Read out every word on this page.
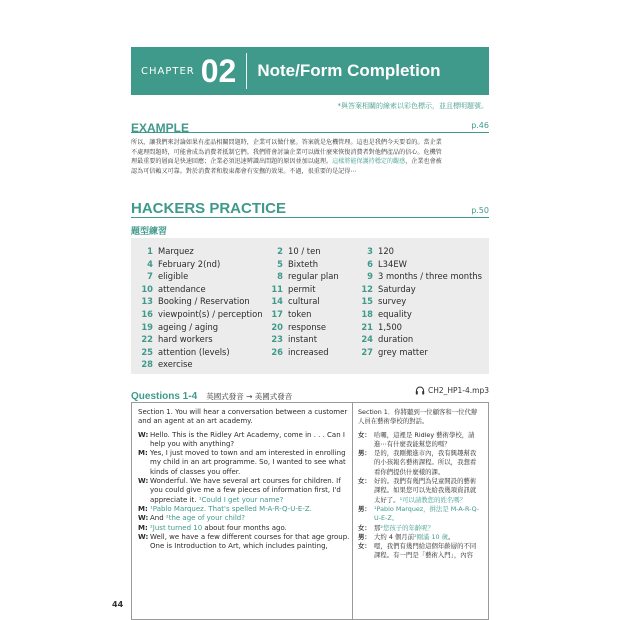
CHAPTER 02 Note/Form Completion
*與答案相關的線索以彩色標示，並且標明題號。
EXAMPLE	p.46
所以，讓我們來討論如果有產品相關問題時，企業可以做什麼。答案就是危機管理。這也是我們今天要看的。當企業
不處理問題時，可能會成為消費者抵制它們。我們將會討論企業可以做什麼來恢復消費者對他們產品的信心。危機管
理最重要的層面是快速回應；企業必須迅速辨識出問題的原因並加以處理。這樣將能保護持穩定的觀感，企業也會被
認為可信賴又可靠。對於消費者和股東都會有安撫的效果。不過，很重要的是記得⋯
HACKERS PRACTICE	p.50
題型練習
1 Marquez	2 10 / ten	3 120
4 February 2(nd)	5 Bixteth	6 L34EW
7 eligible	8 regular plan	9 3 months / three months
10 attendance	11 permit	12 Saturday
13 Booking / Reservation	14 cultural	15 survey
16 viewpoint(s) / perception 17 token	18 equality
19 ageing / aging	20 response	21 1,500
22 hard workers	23 instant	24 duration
25 attention (levels)	26 increased	27 grey matter
28 exercise
Questions 1-4 英國式發音 → 美國式發音
CH2_HP1-4.mp3
Section 1. You will hear a conversation between a customer
and an agent at an art academy.
W: Hello. This is the Ridley Art Academy, come in . . . Can I
help you with anything?
M: Yes, I just moved to town and am interested in enrolling
my child in an art programme. So, I wanted to see what
kinds of classes you offer.
W: Wonderful. We have several art courses for children. If
you could give me a few pieces of information first, I'd
appreciate it. ¹Could I get your name?
M: ¹Pablo Marquez. That's spelled M-A-R-Q-U-E-Z.
W: And ²the age of your child?
M: ²Just turned 10 about four months ago.
W: Well, we have a few different courses for that age group.
One is Introduction to Art, which includes painting,
Section 1．你將聽到一位顧客和一位代辦
人員在藝術學校的對話。
女： 哈囉，這裡是 Ridley 藝術學校，請
進⋯有什麼我能幫您的嗎？
男： 是的，我剛搬進市內，我有興趣幫我
的小孩報名藝術課程。所以，我想看
看你們提供什麼樣的課。
女： 好的。我們有幾門為兒童開設的藝術
課程。如果您可以先給我幾項資訊就
太好了。¹可以請教您的姓名嗎？
男： ¹Pablo Marquez，拼法是 M-A-R-Q-
U-E-Z。
女： 那²您孩子的年齡呢？
男： 大約 4 個月前²剛滿 10 歲。
女： 嗯，我們有幾門給這個年齡層的不同
課程。有一門是「藝術入門」，內容
44
